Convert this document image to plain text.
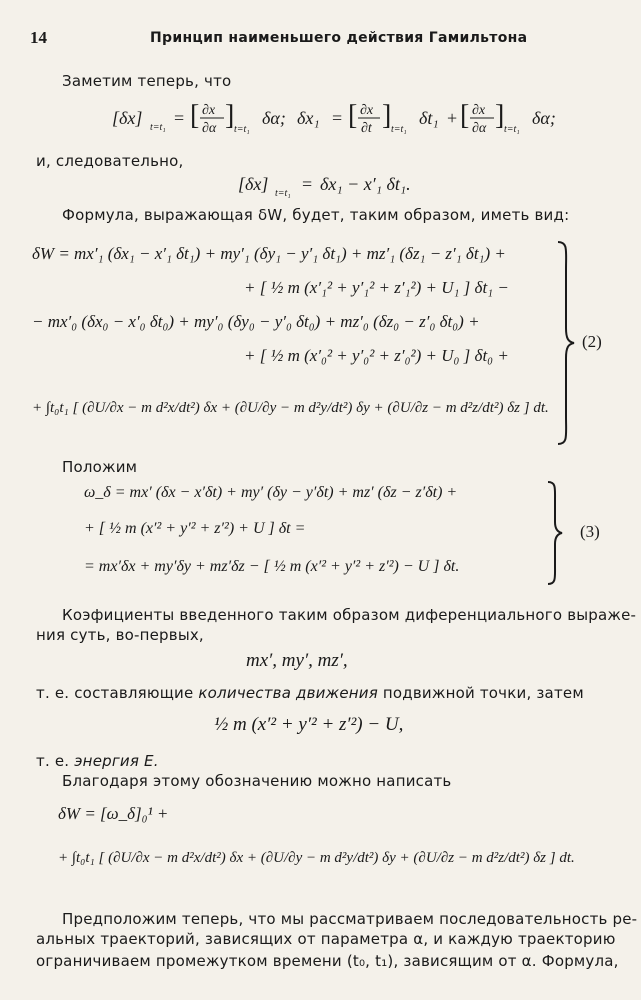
14	Принцип наименьшего действия Гамильтона
Заметим теперь, что
[δx] t=t₁ = [ ∂x
∂α ] t=t₁
δα; δx₁ = [ ∂x
∂t ] t=t₁
δt₁ + [ ∂x
∂α ] t=t₁
δα;
и, следовательно,
[δx] t=t₁ = δx₁ − x′₁ δt₁.
Формула, выражающая δW, будет, таким образом, иметь вид:
δW = mx′₁ (δx₁ − x′₁ δt₁) + my′₁ (δy₁ − y′₁ δt₁) + mz′₁ (δz₁ − z′₁ δt₁) +
+ [ ½ m (x′₁² + y′₁² + z′₁²) + U₁ ] δt₁ −
− mx′₀ (δx₀ − x′₀ δt₀) + my′₀ (δy₀ − y′₀ δt₀) + mz′₀ (δz₀ − z′₀ δt₀) +
+ [ ½ m (x′₀² + y′₀² + z′₀²) + U₀ ] δt₀ +
+ ∫t₀t₁ [ (∂U/∂x − m d²x/dt²) δx + (∂U/∂y − m d²y/dt²) δy + (∂U/∂z − m d²z/dt²) δz ] dt.
(2)
Положим
ω_δ = mx′ (δx − x′δt) + my′ (δy − y′δt) + mz′ (δz − z′δt) +
+ [ ½ m (x′² + y′² + z′²) + U ] δt =
= mx′δx + my′δy + mz′δz − [ ½ m (x′² + y′² + z′²) − U ] δt.
(3)
Коэфициенты введенного таким образом диференциального выраже-
ния суть, во-первых,
mx′, my′, mz′,
т. е. составляющие количества движения подвижной точки, затем
½ m (x′² + y′² + z′²) − U,
т. е. энергия E.
Благодаря этому обозначению можно написать
δW = [ω_δ]₀¹ +
+ ∫t₀t₁ [ (∂U/∂x − m d²x/dt²) δx + (∂U/∂y − m d²y/dt²) δy + (∂U/∂z − m d²z/dt²) δz ] dt.
Предположим теперь, что мы рассматриваем последовательность ре-
альных траекторий, зависящих от параметра α, и каждую траекторию
ограничиваем промежутком времени (t₀, t₁), зависящим от α. Формула,
